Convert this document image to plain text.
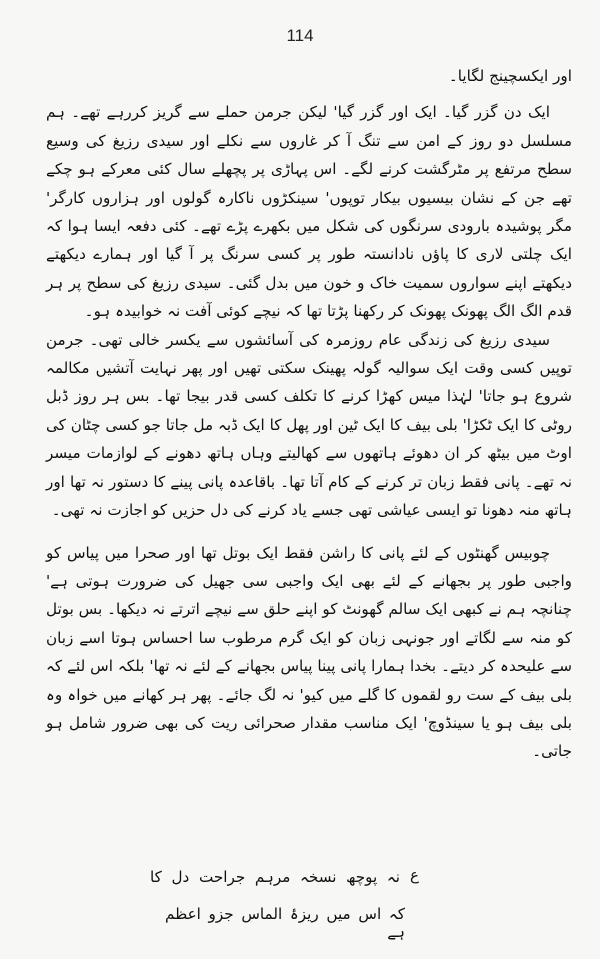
114

اور ایکسچینج لگایا۔

ایک دن گزر گیا۔ ایک اور گزر گیا' لیکن جرمن حملے سے گریز کررہے تھے۔ ہم مسلسل دو روز کے امن سے تنگ آ کر غاروں سے نکلے اور سیدی رزیغ کی وسیع سطح مرتفع پر مٹرگشت کرنے لگے۔ اس پہاڑی پر پچھلے سال کئی معرکے ہو چکے تھے جن کے نشان بیسیوں بیکار توپوں' سینکڑوں ناکارہ گولوں اور ہزاروں کارگر' مگر پوشیدہ بارودی سرنگوں کی شکل میں بکھرے پڑے تھے۔ کئی دفعہ ایسا ہوا کہ ایک چلتی لاری کا پاؤں نادانستہ طور پر کسی سرنگ پر آ گیا اور ہمارے دیکھتے دیکھتے اپنے سواروں سمیت خاک و خون میں بدل گئی۔ سیدی رزیغ کی سطح پر ہر قدم الگ الگ پھونک پھونک کر رکھنا پڑتا تھا کہ نیچے کوئی آفت نہ خوابیدہ ہو۔

سیدی رزیغ کی زندگی عام روزمرہ کی آسائشوں سے یکسر خالی تھی۔ جرمن توپیں کسی وقت ایک سوالیہ گولہ پھینک سکتی تھیں اور پھر نہایت آتشیں مکالمہ شروع ہو جاتا' لہٰذا میس کھڑا کرنے کا تکلف کسی قدر بیجا تھا۔ بس ہر روز ڈبل روٹی کا ایک ٹکڑا' بلی بیف کا ایک ٹین اور پھل کا ایک ڈبہ مل جاتا جو کسی چٹان کی اوٹ میں بیٹھ کر ان دھوئے ہاتھوں سے کھالیتے وہاں ہاتھ دھونے کے لوازمات میسر نہ تھے۔ پانی فقط زبان تر کرنے کے کام آتا تھا۔ باقاعدہ پانی پینے کا دستور نہ تھا اور ہاتھ منہ دھونا تو ایسی عیاشی تھی جسے یاد کرنے کی دل حزیں کو اجازت نہ تھی۔

چوبیس گھنٹوں کے لئے پانی کا راشن فقط ایک بوتل تھا اور صحرا میں پیاس کو واجبی طور پر بجھانے کے لئے بھی ایک واجبی سی جھیل کی ضرورت ہوتی ہے' چنانچہ ہم نے کبھی ایک سالم گھونٹ کو اپنے حلق سے نیچے اترتے نہ دیکھا۔ بس بوتل کو منہ سے لگاتے اور جونہی زبان کو ایک گرم مرطوب سا احساس ہوتا اسے زبان سے علیحدہ کر دیتے۔ بخدا ہمارا پانی پینا پیاس بجھانے کے لئے نہ تھا' بلکہ اس لئے کہ بلی بیف کے ست رو لقموں کا گلے میں کیو' نہ لگ جائے۔ پھر ہر کھانے میں خواہ وہ بلی بیف ہو یا سینڈوچ' ایک مناسب مقدار صحرائی ریت کی بھی ضرور شامل ہو جاتی۔

ع
نہ پوچھ نسخہ مرہم جراحت دل کا
کہ اس میں ریزۂ الماس جزو اعظم ہے
